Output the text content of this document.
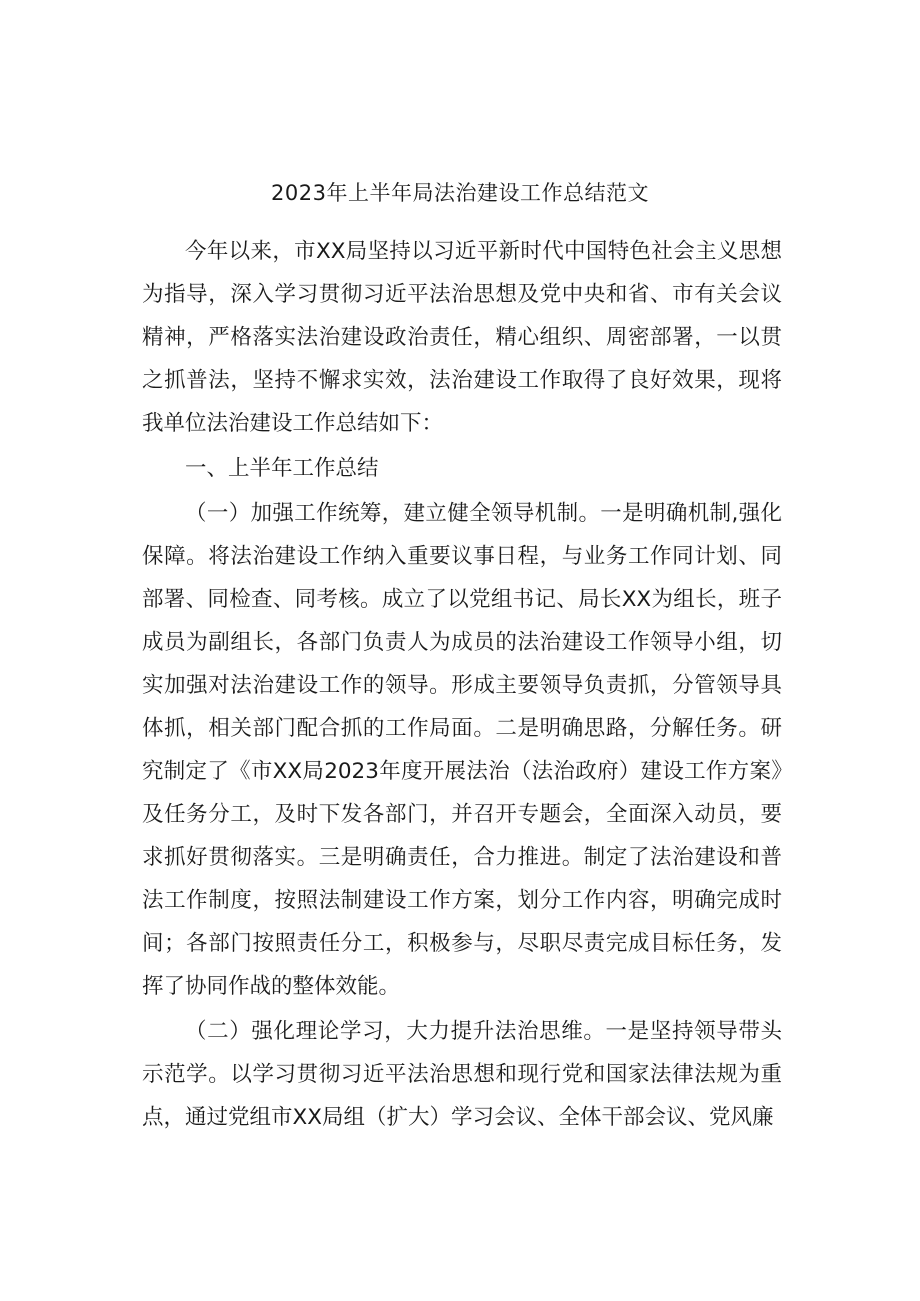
2023年上半年局法治建设工作总结范文

今年以来，市XX局坚持以习近平新时代中国特色社会主义思想为指导，深入学习贯彻习近平法治思想及党中央和省、市有关会议精神，严格落实法治建设政治责任，精心组织、周密部署，一以贯之抓普法，坚持不懈求实效，法治建设工作取得了良好效果，现将我单位法治建设工作总结如下：

一、上半年工作总结

（一）加强工作统筹，建立健全领导机制。一是明确机制,强化保障。将法治建设工作纳入重要议事日程，与业务工作同计划、同部署、同检查、同考核。成立了以党组书记、局长XX为组长，班子成员为副组长，各部门负责人为成员的法治建设工作领导小组，切实加强对法治建设工作的领导。形成主要领导负责抓，分管领导具体抓，相关部门配合抓的工作局面。二是明确思路，分解任务。研究制定了《市XX局2023年度开展法治（法治政府）建设工作方案》及任务分工，及时下发各部门，并召开专题会，全面深入动员，要求抓好贯彻落实。三是明确责任，合力推进。制定了法治建设和普法工作制度，按照法制建设工作方案，划分工作内容，明确完成时间；各部门按照责任分工，积极参与，尽职尽责完成目标任务，发挥了协同作战的整体效能。

（二）强化理论学习，大力提升法治思维。一是坚持领导带头示范学。以学习贯彻习近平法治思想和现行党和国家法律法规为重点，通过党组市XX局组（扩大）学习会议、全体干部会议、党风廉
